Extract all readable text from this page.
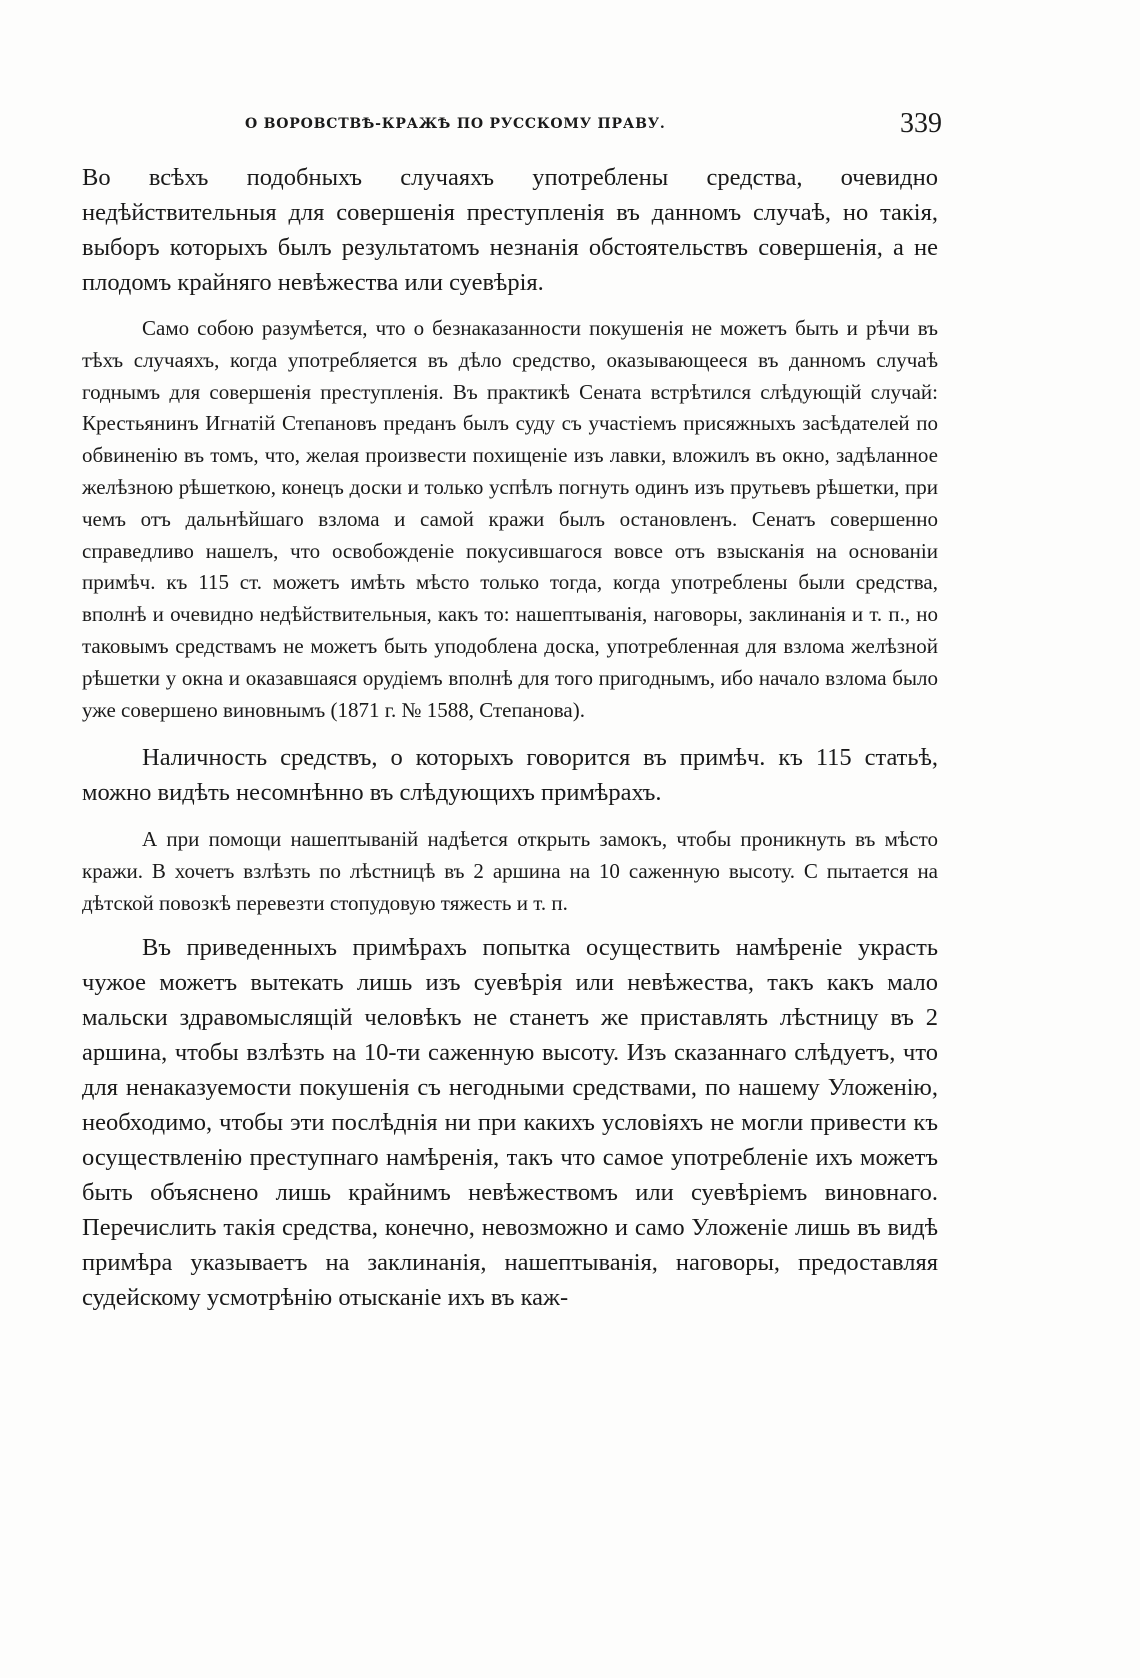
О ВОРОВСТВѢ-КРАЖѢ ПО РУССКОМУ ПРАВУ.	339

Во всѣхъ подобныхъ случаяхъ употреблены средства, очевидно недѣйствительныя для совершенія преступленія въ данномъ случаѣ, но такія, выборъ которыхъ былъ результатомъ незнанія обстоятельствъ совершенія, а не плодомъ крайняго невѣжества или суевѣрія.

Само собою разумѣется, что о безнаказанности покушенія не можетъ быть и рѣчи въ тѣхъ случаяхъ, когда употребляется въ дѣло средство, оказывающееся въ данномъ случаѣ годнымъ для совершенія преступленія. Въ практикѣ Сената встрѣтился слѣдующій случай: Крестьянинъ Игнатій Степановъ преданъ былъ суду съ участіемъ присяжныхъ засѣдателей по обвиненію въ томъ, что, желая произвести похищеніе изъ лавки, вложилъ въ окно, задѣланное желѣзною рѣшеткою, конецъ доски и только успѣлъ погнуть одинъ изъ прутьевъ рѣшетки, при чемъ отъ дальнѣйшаго взлома и самой кражи былъ остановленъ. Сенатъ совершенно справедливо нашелъ, что освобожденіе покусившагося вовсе отъ взысканія на основаніи примѣч. къ 115 ст. можетъ имѣть мѣсто только тогда, когда употреблены были средства, вполнѣ и очевидно недѣйствительныя, какъ то: нашептыванія, наговоры, заклинанія и т. п., но таковымъ средствамъ не можетъ быть уподоблена доска, употребленная для взлома желѣзной рѣшетки у окна и оказавшаяся орудіемъ вполнѣ для того пригоднымъ, ибо начало взлома было уже совершено виновнымъ (1871 г. № 1588, Степанова).

Наличность средствъ, о которыхъ говорится въ примѣч. къ 115 статьѣ, можно видѣть несомнѣнно въ слѣдующихъ примѣрахъ.

А при помощи нашептываній надѣется открыть замокъ, чтобы проникнуть въ мѣсто кражи. В хочетъ взлѣзть по лѣстницѣ въ 2 аршина на 10 саженную высоту. С пытается на дѣтской повозкѣ перевезти стопудовую тяжесть и т. п.

Въ приведенныхъ примѣрахъ попытка осуществить намѣреніе украсть чужое можетъ вытекать лишь изъ суевѣрія или невѣжества, такъ какъ мало мальски здравомыслящій человѣкъ не станетъ же приставлять лѣстницу въ 2 аршина, чтобы взлѣзть на 10-ти саженную высоту. Изъ сказаннаго слѣдуетъ, что для ненаказуемости покушенія съ негодными средствами, по нашему Уложенію, необходимо, чтобы эти послѣднія ни при какихъ условіяхъ не могли привести къ осуществленію преступнаго намѣренія, такъ что самое употребленіе ихъ можетъ быть объяснено лишь крайнимъ невѣжествомъ или суевѣріемъ виновнаго. Перечислить такія средства, конечно, невозможно и само Уложеніе лишь въ видѣ примѣра указываетъ на заклинанія, нашептыванія, наговоры, предоставляя судейскому усмотрѣнію отысканіе ихъ въ каж-
